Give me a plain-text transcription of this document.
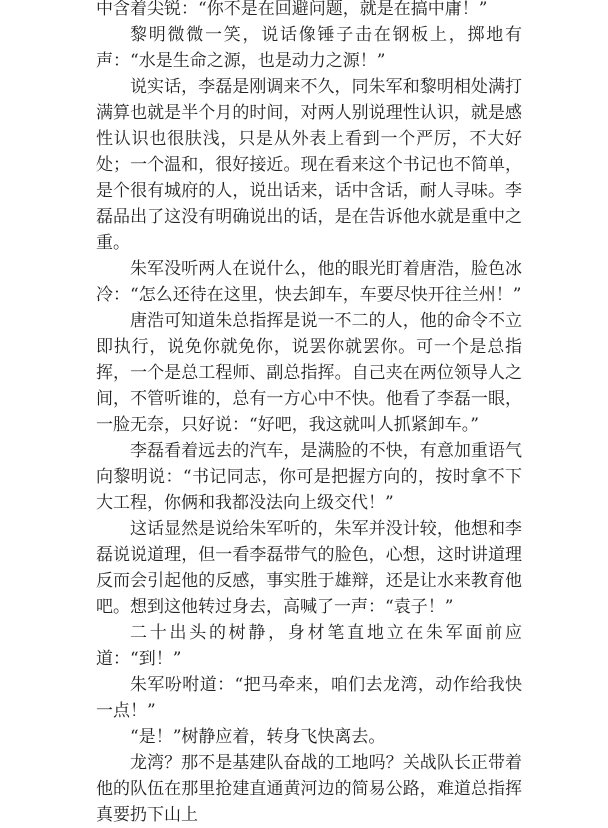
中含着尖锐：“你不是在回避问题，就是在搞中庸！”

黎明微微一笑，说话像锤子击在钢板上，掷地有声：“水是生命之源，也是动力之源！”

说实话，李磊是刚调来不久，同朱军和黎明相处满打满算也就是半个月的时间，对两人别说理性认识，就是感性认识也很肤浅，只是从外表上看到一个严厉，不大好处；一个温和，很好接近。现在看来这个书记也不简单，是个很有城府的人，说出话来，话中含话，耐人寻味。李磊品出了这没有明确说出的话，是在告诉他水就是重中之重。

朱军没听两人在说什么，他的眼光盯着唐浩，脸色冰冷：“怎么还待在这里，快去卸车，车要尽快开往兰州！”

唐浩可知道朱总指挥是说一不二的人，他的命令不立即执行，说免你就免你，说罢你就罢你。可一个是总指挥，一个是总工程师、副总指挥。自己夹在两位领导人之间，不管听谁的，总有一方心中不快。他看了李磊一眼，一脸无奈，只好说：“好吧，我这就叫人抓紧卸车。”

李磊看着远去的汽车，是满脸的不快，有意加重语气向黎明说：“书记同志，你可是把握方向的，按时拿不下大工程，你俩和我都没法向上级交代！”

这话显然是说给朱军听的，朱军并没计较，他想和李磊说说道理，但一看李磊带气的脸色，心想，这时讲道理反而会引起他的反感，事实胜于雄辩，还是让水来教育他吧。想到这他转过身去，高喊了一声：“袁子！”

二十出头的树静，身材笔直地立在朱军面前应道：“到！”

朱军吩咐道：“把马牵来，咱们去龙湾，动作给我快一点！”

“是！”树静应着，转身飞快离去。

龙湾？那不是基建队奋战的工地吗？关战队长正带着他的队伍在那里抢建直通黄河边的简易公路，难道总指挥真要扔下山上
